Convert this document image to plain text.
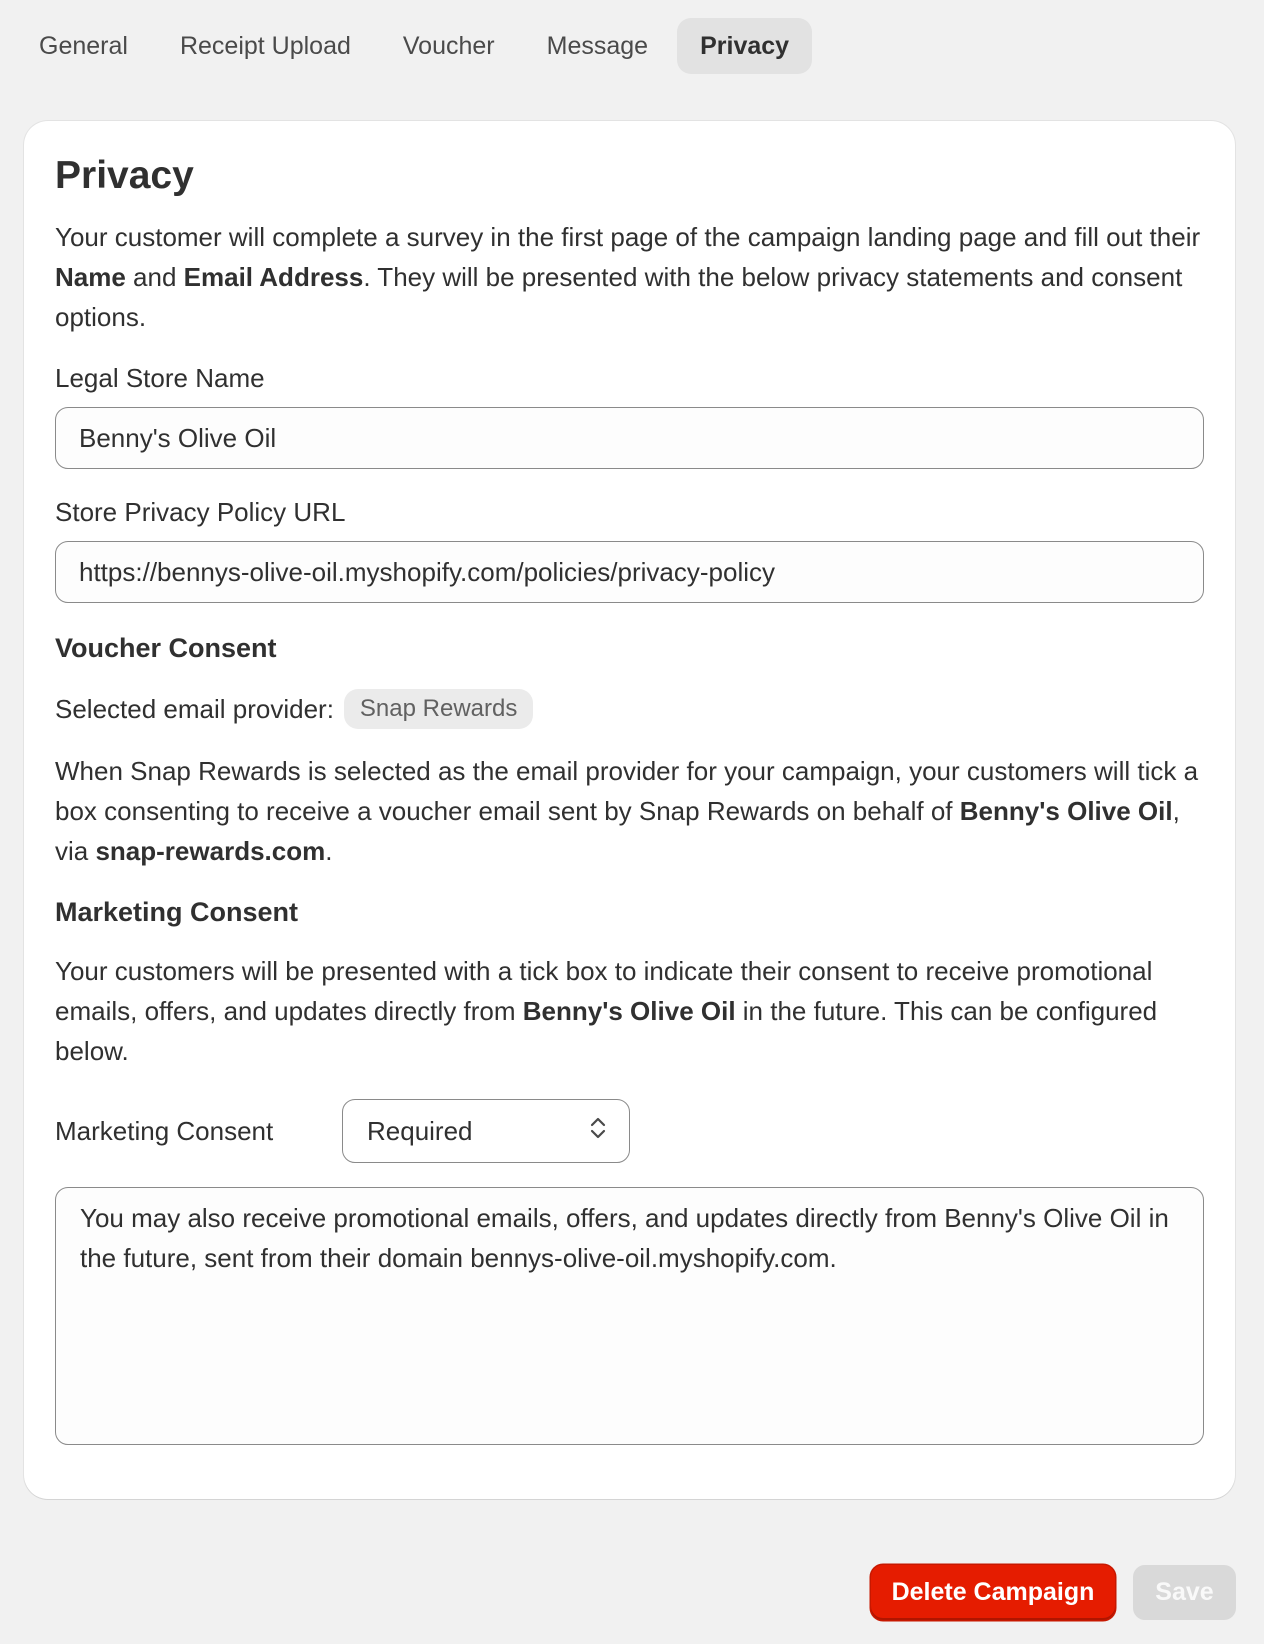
General	Receipt Upload	Voucher	Message	Privacy
Privacy

Your customer will complete a survey in the first page of the campaign landing page and fill out their Name and Email Address. They will be presented with the below privacy statements and consent options.

Legal Store Name
Benny's Olive Oil
Store Privacy Policy URL
https://bennys-olive-oil.myshopify.com/policies/privacy-policy
Voucher Consent
Selected email provider:	Snap Rewards

When Snap Rewards is selected as the email provider for your campaign, your customers will tick a box consenting to receive a voucher email sent by Snap Rewards on behalf of Benny's Olive Oil, via snap-rewards.com.

Marketing Consent

Your customers will be presented with a tick box to indicate their consent to receive promotional emails, offers, and updates directly from Benny's Olive Oil in the future. This can be configured below.

Marketing Consent	Required
You may also receive promotional emails, offers, and updates directly from Benny's Olive Oil in the future, sent from their domain bennys-olive-oil.myshopify.com.
Delete Campaign	Save
